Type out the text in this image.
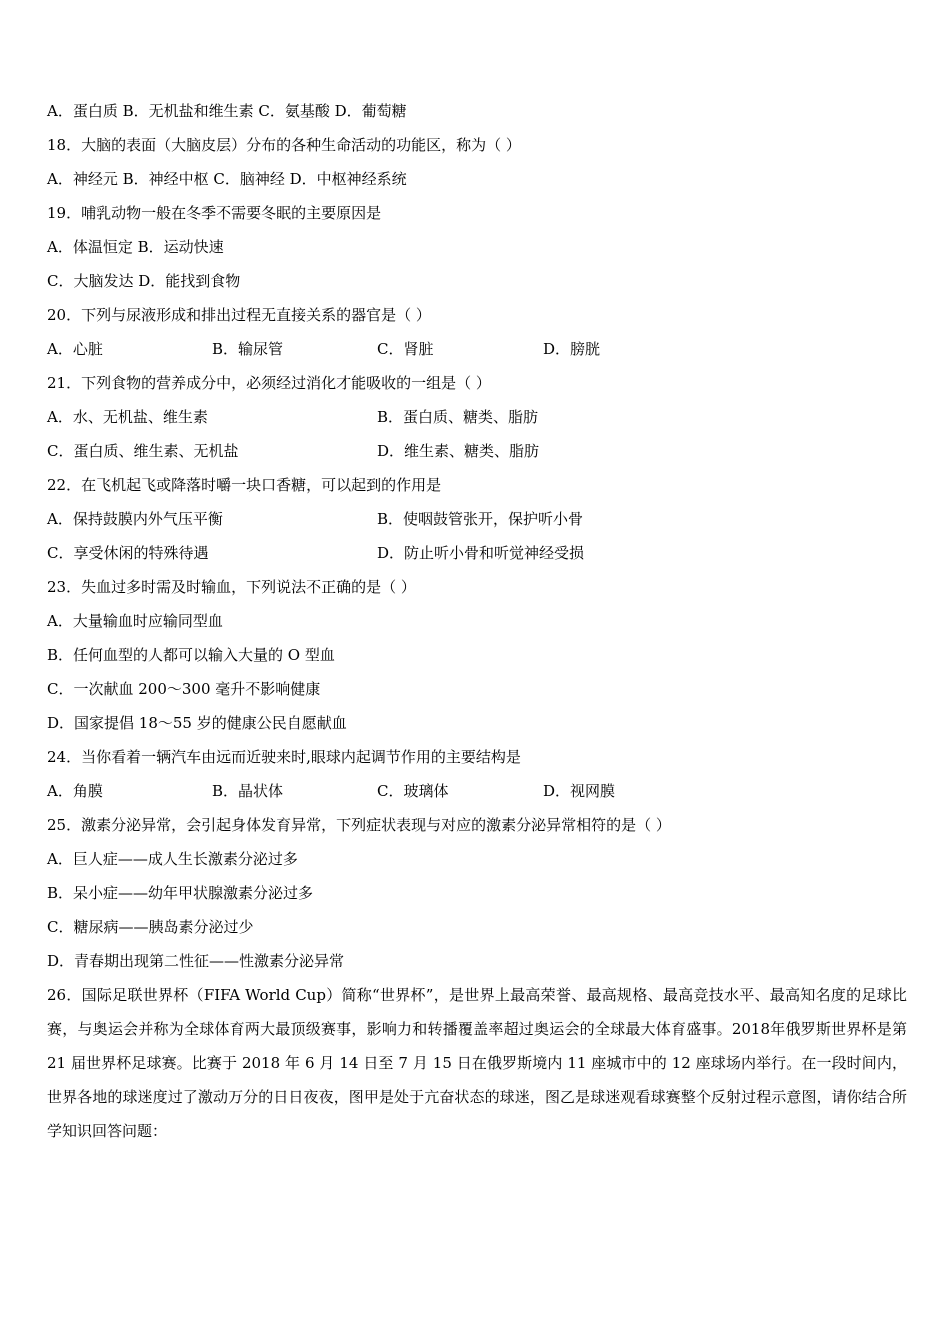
A．蛋白质 B．无机盐和维生素 C．氨基酸 D．葡萄糖
18．大脑的表面（大脑皮层）分布的各种生命活动的功能区，称为（ ）
A．神经元 B．神经中枢 C．脑神经 D．中枢神经系统
19．哺乳动物一般在冬季不需要冬眠的主要原因是
A．体温恒定 B．运动快速
C．大脑发达 D．能找到食物
20．下列与尿液形成和排出过程无直接关系的器官是（ ）
A．心脏	B．输尿管	C．肾脏	D．膀胱
21．下列食物的营养成分中，必须经过消化才能吸收的一组是（ ）
A．水、无机盐、维生素	B．蛋白质、糖类、脂肪
C．蛋白质、维生素、无机盐	D．维生素、糖类、脂肪
22．在飞机起飞或降落时嚼一块口香糖，可以起到的作用是
A．保持鼓膜内外气压平衡	B．使咽鼓管张开，保护听小骨
C．享受休闲的特殊待遇	D．防止听小骨和听觉神经受损
23．失血过多时需及时输血，下列说法不正确的是（ ）
A．大量输血时应输同型血
B．任何血型的人都可以输入大量的 O 型血
C．一次献血 200～300 毫升不影响健康
D．国家提倡 18～55 岁的健康公民自愿献血
24．当你看着一辆汽车由远而近驶来时,眼球内起调节作用的主要结构是
A．角膜	B．晶状体	C．玻璃体	D．视网膜
25．激素分泌异常，会引起身体发育异常，下列症状表现与对应的激素分泌异常相符的是（ ）
A．巨人症——成人生长激素分泌过多
B．呆小症——幼年甲状腺激素分泌过多
C．糖尿病——胰岛素分泌过少
D．青春期出现第二性征——性激素分泌异常
26．国际足联世界杯（FIFA World Cup）简称“世界杯”，是世界上最高荣誉、最高规格、最高竞技水平、最高知名度的足球比赛，与奥运会并称为全球体育两大最顶级赛事，影响力和转播覆盖率超过奥运会的全球最大体育盛事。2018年俄罗斯世界杯是第 21 届世界杯足球赛。比赛于 2018 年 6 月 14 日至 7 月 15 日在俄罗斯境内 11 座城市中的 12 座球场内举行。在一段时间内，世界各地的球迷度过了激动万分的日日夜夜，图甲是处于亢奋状态的球迷，图乙是球迷观看球赛整个反射过程示意图，请你结合所学知识回答问题：
